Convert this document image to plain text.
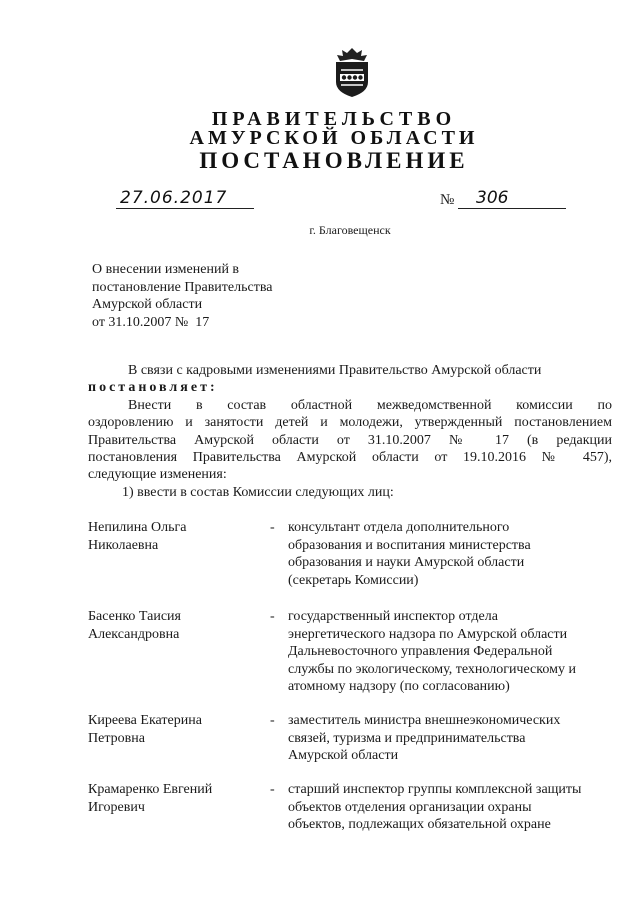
ПРАВИТЕЛЬСТВО
АМУРСКОЙ ОБЛАСТИ
ПОСТАНОВЛЕНИЕ
27.06.2017	№	306
г. Благовещенск
О внесении изменений в
постановление Правительства
Амурской области
от 31.10.2007 №  17
В связи с кадровыми изменениями Правительство Амурской области
постановляет:
Внести в состав областной межведомственной комиссии по
оздоровлению и занятости детей и молодежи, утвержденный постановлением
Правительства Амурской области от 31.10.2007 № 17 (в редакции
постановления Правительства Амурской области от 19.10.2016 № 457),
следующие изменения:
1) ввести в состав Комиссии следующих лиц:
Непилина Ольга
Николаевна
- консультант отдела дополнительного
образования и воспитания министерства
образования и науки Амурской области
(секретарь Комиссии)
Басенко Таисия
Александровна
- государственный инспектор отдела
энергетического надзора по Амурской области
Дальневосточного управления Федеральной
службы по экологическому, технологическому и
атомному надзору (по согласованию)
Киреева Екатерина
Петровна
- заместитель министра внешнеэкономических
связей, туризма и предпринимательства
Амурской области
Крамаренко Евгений
Игоревич
- старший инспектор группы комплексной защиты
объектов отделения организации охраны
объектов, подлежащих обязательной охране
